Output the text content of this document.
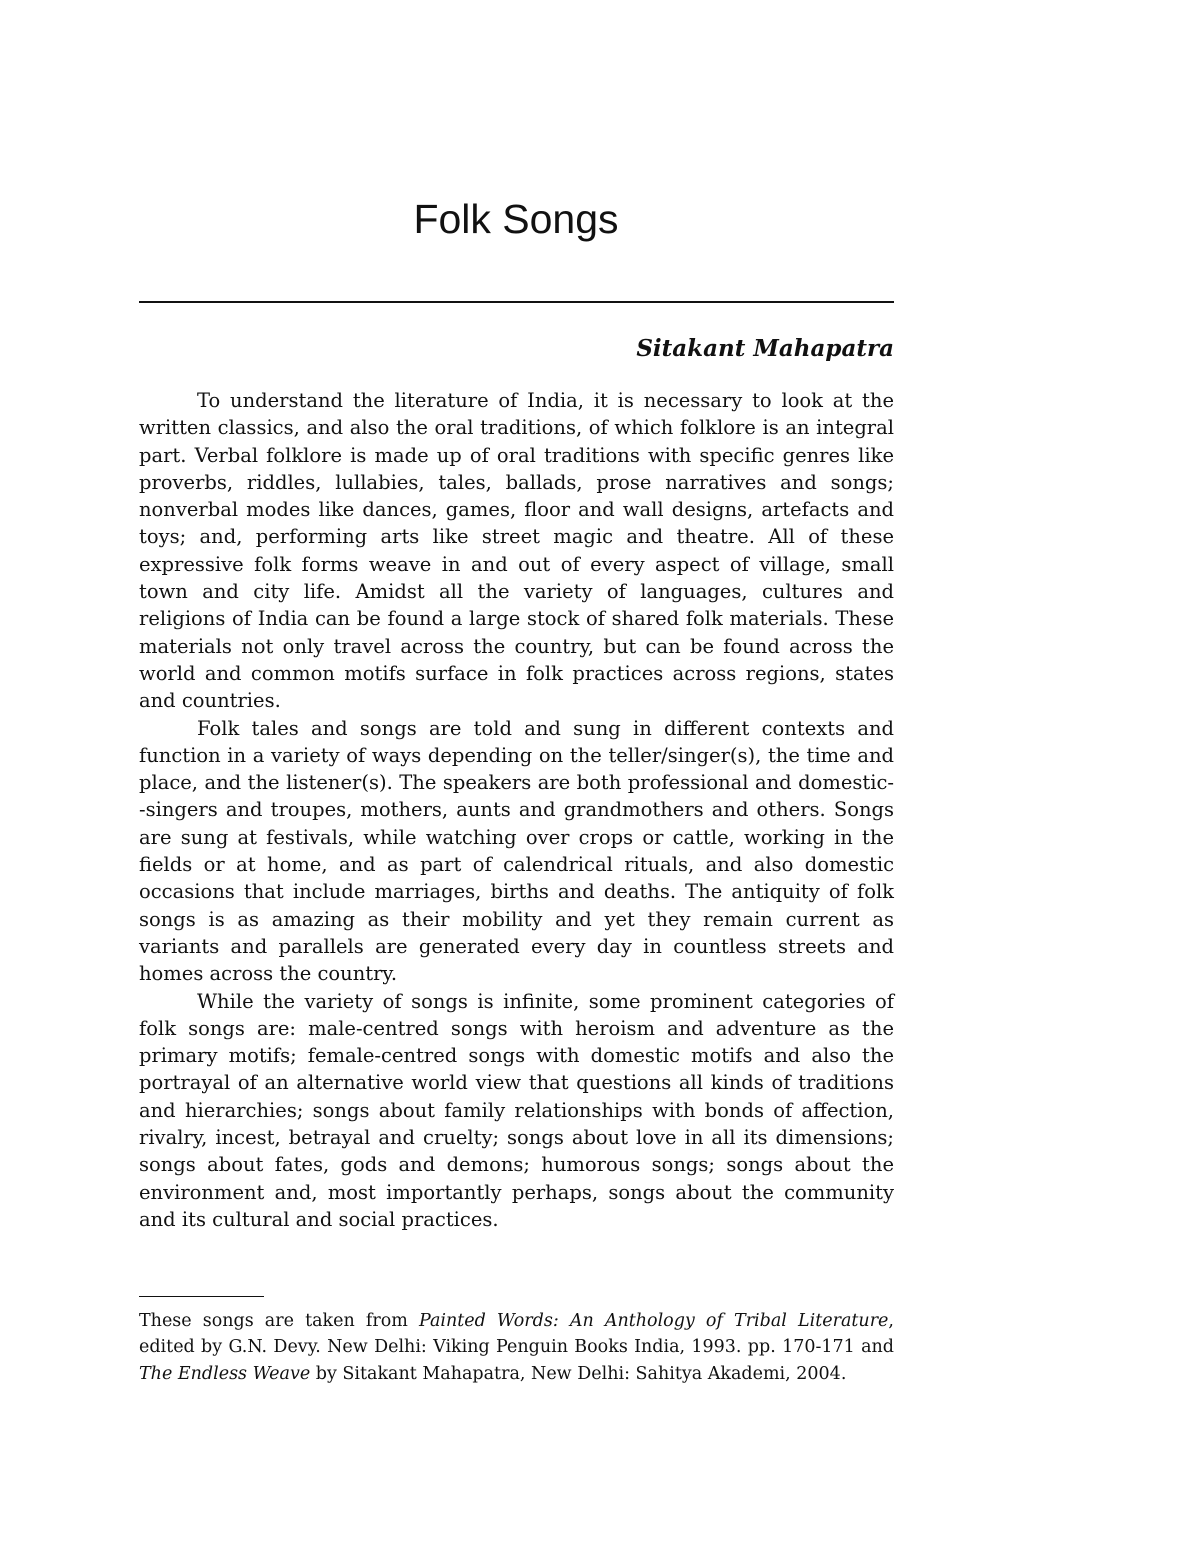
Folk Songs

Sitakant Mahapatra

To understand the literature of India, it is necessary to look at the written classics, and also the oral traditions, of which folklore is an integral part. Verbal folklore is made up of oral traditions with specific genres like proverbs, riddles, lullabies, tales, ballads, prose narratives and songs; nonverbal modes like dances, games, floor and wall designs, artefacts and toys; and, performing arts like street magic and theatre. All of these expressive folk forms weave in and out of every aspect of village, small town and city life. Amidst all the variety of languages, cultures and religions of India can be found a large stock of shared folk materials. These materials not only travel across the country, but can be found across the world and common motifs surface in folk practices across regions, states and countries.

Folk tales and songs are told and sung in different contexts and function in a variety of ways depending on the teller/singer(s), the time and place, and the listener(s). The speakers are both professional and domestic--singers and troupes, mothers, aunts and grandmothers and others. Songs are sung at festivals, while watching over crops or cattle, working in the fields or at home, and as part of calendrical rituals, and also domestic occasions that include marriages, births and deaths. The antiquity of folk songs is as amazing as their mobility and yet they remain current as variants and parallels are generated every day in countless streets and homes across the country.

While the variety of songs is infinite, some prominent categories of folk songs are: male-centred songs with heroism and adventure as the primary motifs; female-centred songs with domestic motifs and also the portrayal of an alternative world view that questions all kinds of traditions and hierarchies; songs about family relationships with bonds of affection, rivalry, incest, betrayal and cruelty; songs about love in all its dimensions; songs about fates, gods and demons; humorous songs; songs about the environment and, most importantly perhaps, songs about the community and its cultural and social practices.

These songs are taken from Painted Words: An Anthology of Tribal Literature, edited by G.N. Devy. New Delhi: Viking Penguin Books India, 1993. pp. 170-171 and The Endless Weave by Sitakant Mahapatra, New Delhi: Sahitya Akademi, 2004.
